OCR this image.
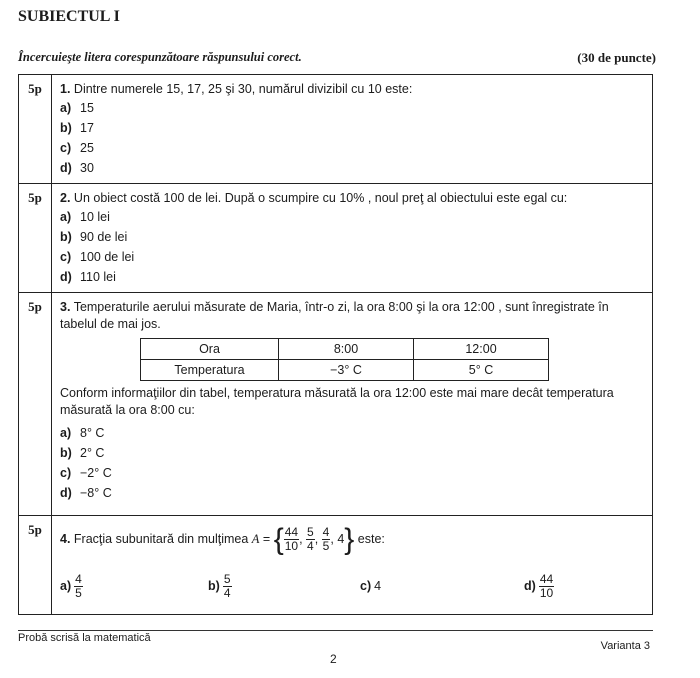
SUBIECTUL I
Încercuieşte litera corespunzătoare răspunsului corect.	(30 de puncte)
5p	1. Dintre numerele 15, 17, 25 şi 30, numărul divizibil cu 10 este:
a) 15
b) 17
c) 25
d) 30
5p	2. Un obiect costă 100 de lei. După o scumpire cu 10% , noul preţ al obiectului este egal cu:
a) 10 lei
b) 90 de lei
c) 100 de lei
d) 110 lei
5p	3. Temperaturile aerului măsurate de Maria, într-o zi, la ora 8:00 şi la ora 12:00 , sunt înregistrate în tabelul de mai jos.
Ora	8:00	12:00
Temperatura	−3° C	5° C
Conform informaţiilor din tabel, temperatura măsurată la ora 12:00 este mai mare decât temperatura măsurată la ora 8:00 cu:
a) 8° C
b) 2° C
c) −2° C
d) −8° C
5p
4.
Fracţia subunitară din mulţimea
A = { $\frac{44}{10}$ , $\frac{5}{4}$ , $\frac{4}{5}$ , 4 }
este:
$a) \frac{4}{5}$	$b) \frac{5}{4}$	c) 4	$d) \frac{44}{10}$
Probă scrisă la matematică
Varianta 3
2
